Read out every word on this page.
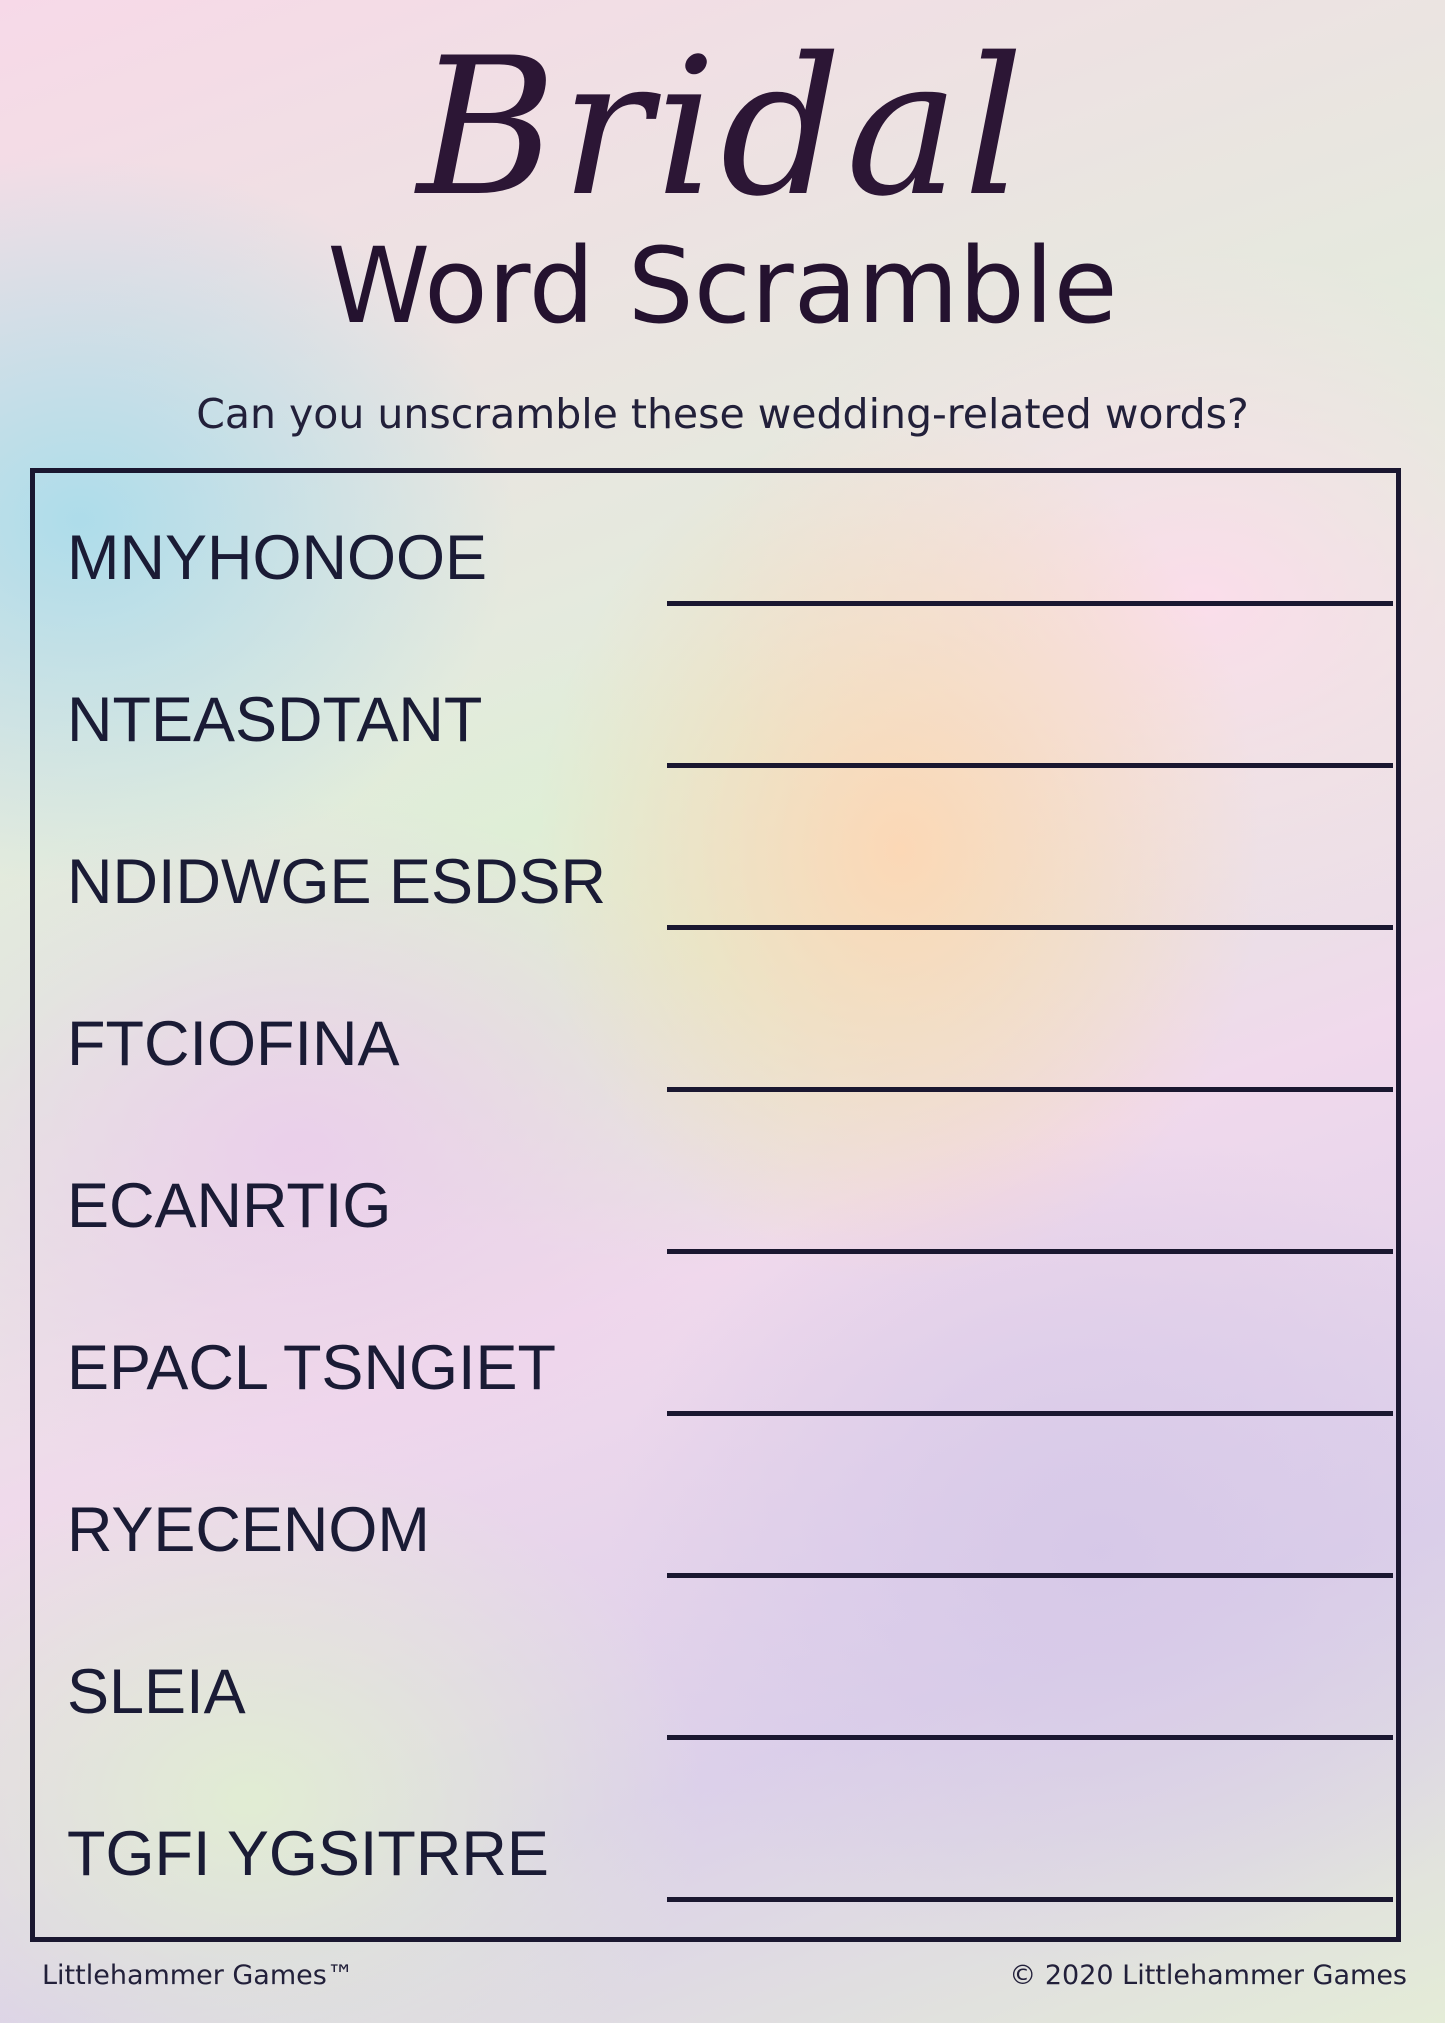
Bridal
Word Scramble
Can you unscramble these wedding-related words?
MNYHONOOE
NTEASDTANT
NDIDWGE ESDSR
FTCIOFINA
ECANRTIG
EPACL TSNGIET
RYECENOM
SLEIA
TGFI YGSITRRE
Littlehammer Games™	© 2020 Littlehammer Games
